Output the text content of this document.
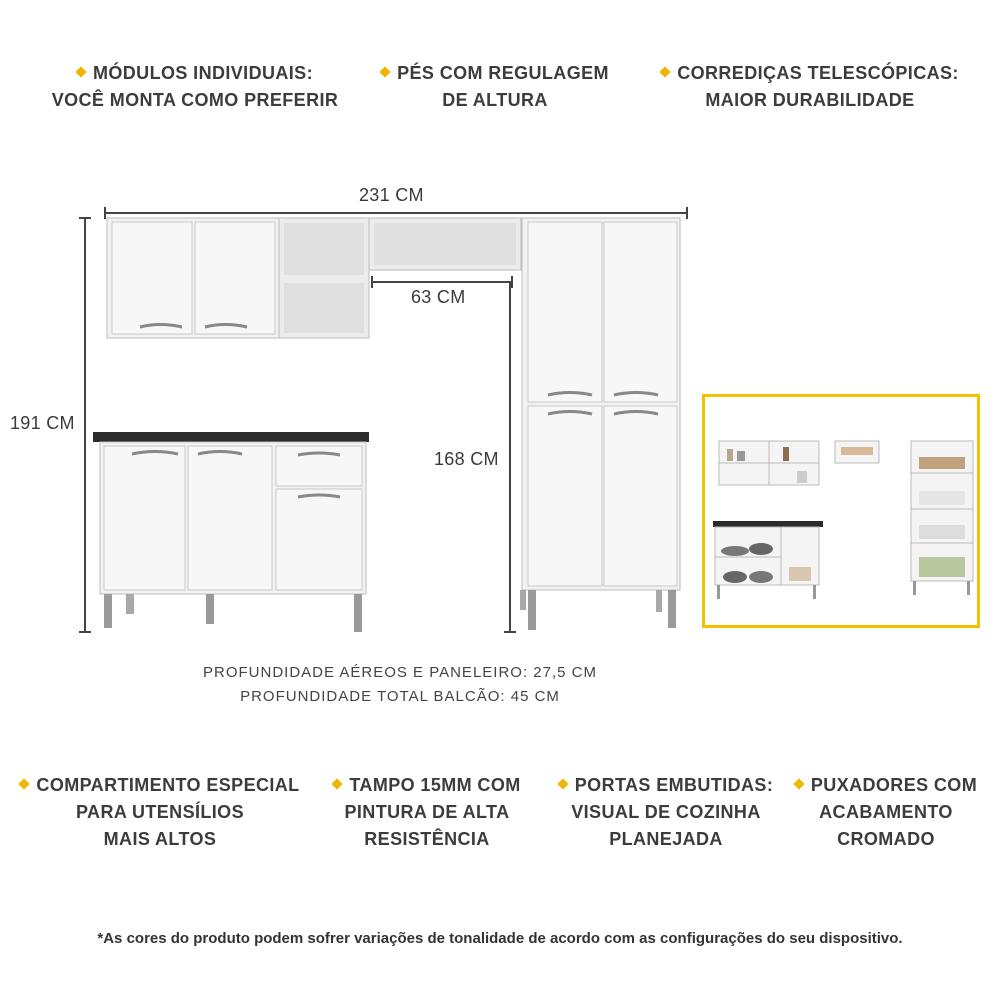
MÓDULOS INDIVIDUAIS:
VOCÊ MONTA COMO PREFERIR
PÉS COM REGULAGEM
DE ALTURA
CORREDIÇAS TELESCÓPICAS:
MAIOR DURABILIDADE
231 CM
191 CM
63 CM
168 CM
PROFUNDIDADE AÉREOS E PANELEIRO: 27,5 CM
PROFUNDIDADE TOTAL BALCÃO: 45 CM
COMPARTIMENTO ESPECIAL
PARA UTENSÍLIOS
MAIS ALTOS
TAMPO 15MM COM
PINTURA DE ALTA
RESISTÊNCIA
PORTAS EMBUTIDAS:
VISUAL DE COZINHA
PLANEJADA
PUXADORES COM
ACABAMENTO
CROMADO
*As cores do produto podem sofrer variações de tonalidade de acordo com as configurações do seu dispositivo.
